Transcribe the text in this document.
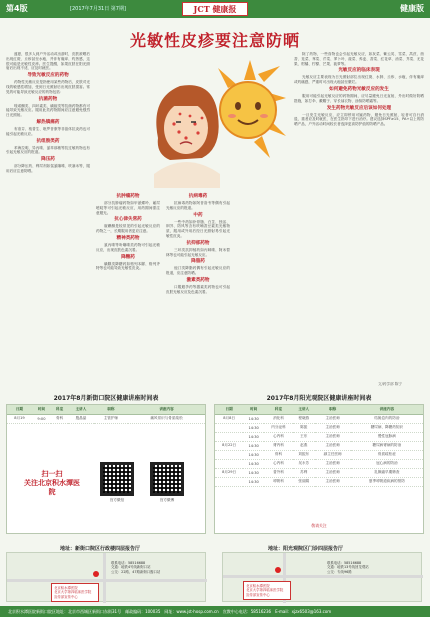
第4版	[2017年7月31日 第7期]	JCT 健康报	健康版
光敏性皮疹要注意防晒

盛夏，很多人到户外活动或出游时，皮肤被晒后出现红斑、丘疹甚至水疱，并伴有瘙痒、灼热感，这很可能是光敏性皮疹。医生提醒，如果皮肤在阳光照射后出现不适，应及时就医。

导致光敏反应的药物

药物性光敏反应是指使用某些药物后，皮肤对光线的敏感性增加，受到日光照射后出现皮肤损害。常见的可能导致光敏反应的药物包括：

抗菌药物

喹诺酮类、四环素类、磺胺类等抗菌药物都有可能导致光敏反应。服用此类药物期间应注意避免强烈日光照射。

解热镇痛药

布洛芬、萘普生、吡罗昔康等非甾体抗炎药也可能引起光敏反应。

抗组胺类药

苯海拉明、异丙嗪、氯苯那敏等抗过敏药物也有引起光敏反应的报道。

降压药

部分降压药、利尿剂如氢氯噻嗪、呋塞米等，服用后应注意防晒。

抗肿瘤药物

部分抗肿瘤药物如甲氨蝶呤、氟尿嘧啶等可引起光敏反应，用药期间需注意避光。

抗心律失常药

胺碘酮是较常见的引起光敏反应的药物之一，长期服用者更应注意。

精神类药物

氯丙嗪等吩噻嗪类药物可引起光敏反应，出现皮肤色素沉着。

降糖药

磺脲类降糖药如格列本脲、格列齐特等也可能导致光敏性皮炎。

抗病毒药

抗病毒药物如阿昔洛韦等偶有引起光敏反应的报道。

中药

一些中药如补骨脂、白芷、独活、荆芥、防风等含有呋喃香豆素类光敏物质，服用或外用后经日光照射易引起光敏性皮炎。

抗抑郁药物

三环类抗抑郁药如丙咪嗪、阿米替林等也可能引起光敏反应。

降脂药

他汀类降脂药偶有引起光敏反应的报道，应注意防晒。

激素类药物

口服避孕药等激素类药物也可引起皮肤光敏反应及色素沉着。

除了药物，一些食物也会引起光敏反应，如灰菜、紫云英、雪菜、莴苣、茴香、苋菜、荠菜、芹菜、萝卜叶、菠菜、荞麦、香菜、红花草、油菜、芥菜、无花果、柑橘、柠檬、芒果、菠萝等。

光敏反应的临床表现

光敏反应主要表现为日光照射部位出现红斑、水肿、丘疹、水疱，伴有瘙痒或灼痛感，严重时可出现大疱甚至糜烂。

如何避免药物光敏反应的发生

服用可能引起光敏反应的药物期间，应尽量避免日光直射，外出时做好防晒措施，如打伞、戴帽子、穿长袖衣物、涂抹防晒霜等。

发生药物光敏反应后该如何处理

一旦发生光敏反应，应立即停用可疑药物，避免日光照射，轻者可自行消退，重者应及时就医，在医生指导下进行治疗。建议选择SPF≥15、PA+以上的防晒产品，户外活动时间较长者选择更高防护值的防晒产品。

文/药学部 陈宁
2017年8月新街口院区健康讲座时间表
日期	时间	科室	主讲人	职称	讲座内容
8月19	9:00	骨科	殷晶晶	主管护师	痛风常识与骨质疏松
扫一扫
关注北京积水潭医院
官方微信	官方微博
2017年8月阳光观院区健康讲座时间表
日期	时间	科室	主讲人	职称	讲座内容
8月8日	14:30	消化科	程晓燕	主治医师	结肠息肉的防治
	14:30	内分泌科	陈振	主治医师	糖尿病、降糖药知识
	14:30	心内科	王东	主治医师	慢性冠脉病
8月22日	14:30	肾内科	赵燕	主治医师	糖尿病肾病的防治
	14:30	骨科	刘振东	副主任医师	骨质疏松症
	14:30	心内科	吴永芳	主治医师	冠心病的防治
8月29日	14:30	普外科	苏利	主治医师	乳腺癌早期筛查
	14:30	呼吸科	张丽娟	主治医师	夏季呼吸道疾病的预防
敬请关注
地址：新街口院区行政楼四层报告厅
北京积水潭医院
北京大学第四临床医学院
宣传部宣传中心
联系电话：58516688
交通：地铁4号线新街口站
公交：22路、47路新街口豁口站
地址：阳光观院区门诊四层报告厅
北京积水潭医院
北京大学第四临床医学院
宣传部宣传中心
联系电话：58516688
交通：地铁13号线回龙观站
公交：专线96路
北京积水潭医院新街口院区地址：北京市西城区新街口东街31号　邮政编码：100035　网址：www.jst-hosp.com.cn　宣教中心电话：58516236　E-mail：xjzx6503@163.com
